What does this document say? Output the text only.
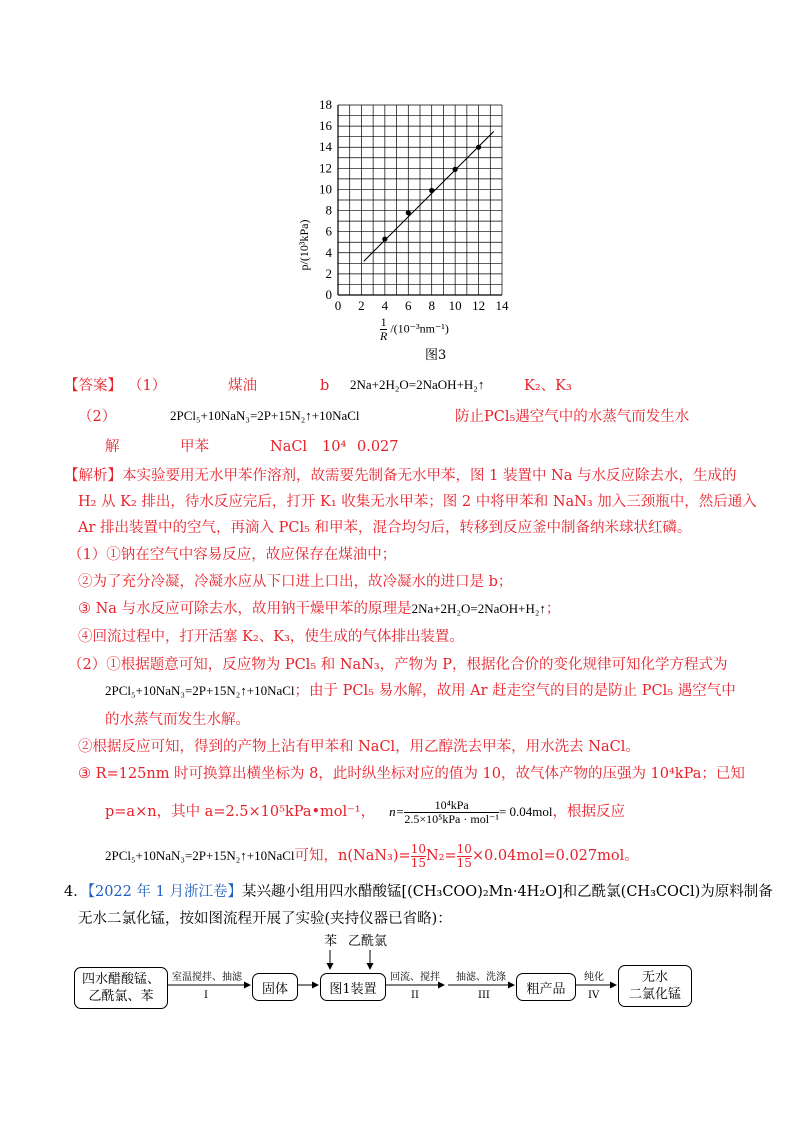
0 2 4 6 8 10 12 14
0
2
4
6
8
10
12
14
16
18
p/(10³kPa)
$\frac{1}{R} /(10^{-3}nm^{-1})$
图3
【答案】 （1）	煤油	b 2Na+2H₂O=2NaOH+H₂↑	K₂、K₃
（2）	2PCl₅+10NaN₃=2P+15N₂↑+10NaCl	防止PCl₅遇空气中的水蒸气而发生水
解	甲苯	NaCl 10⁴ 0.027
【解析】本实验要用无水甲苯作溶剂，故需要先制备无水甲苯，图 1 装置中 Na 与水反应除去水，生成的
H₂ 从 K₂ 排出，待水反应完后，打开 K₁ 收集无水甲苯；图 2 中将甲苯和 NaN₃ 加入三颈瓶中，然后通入
Ar 排出装置中的空气，再滴入 PCl₅ 和甲苯，混合均匀后，转移到反应釜中制备纳米球状红磷。
（1）①钠在空气中容易反应，故应保存在煤油中；
②为了充分冷凝，冷凝水应从下口进上口出，故冷凝水的进口是 b；
③ Na 与水反应可除去水，故用钠干燥甲苯的原理是2Na+2H₂O=2NaOH+H₂↑；
④回流过程中，打开活塞 K₂、K₃，使生成的气体排出装置。
（2）①根据题意可知，反应物为 PCl₅ 和 NaN₃，产物为 P，根据化合价的变化规律可知化学方程式为
2PCl₅+10NaN₃=2P+15N₂↑+10NaCl；由于 PCl₅ 易水解，故用 Ar 赶走空气的目的是防止 PCl₅ 遇空气中
的水蒸气而发生水解。
②根据反应可知，得到的产物上沾有甲苯和 NaCl，用乙醇洗去甲苯，用水洗去 NaCl。
③ R=125nm 时可换算出横坐标为 8，此时纵坐标对应的值为 10，故气体产物的压强为 10⁴kPa；已知
p=a×n，其中 a=2.5×10⁵kPa•mol⁻¹， $n= \frac{\text{10⁴kPa}}{\text{2.5×10⁵kPa · mol⁻¹}} = 0.04mol$ ，根据反应
2PCl₅+10NaN₃=2P+15N₂↑+10NaCl 可知，$n(NaN_3)= \frac{10}{15} N_2= \frac{10}{15} \times 0.04mol=0.027mol$。
4．【2022 年 1 月浙江卷】某兴趣小组用四水醋酸锰[(CH₃COO)₂Mn·4H₂O]和乙酰氯(CH₃COCl)为原料制备
无水二氯化锰，按如图流程开展了实验(夹持仪器已省略)：
四水醋酸锰、
乙酰氯、苯
室温搅拌、抽滤
I	固体
苯 乙酰氯
图1装置
回流、搅拌
II
抽滤、洗涤
III	粗产品
纯化
IV
无水
二氯化锰
